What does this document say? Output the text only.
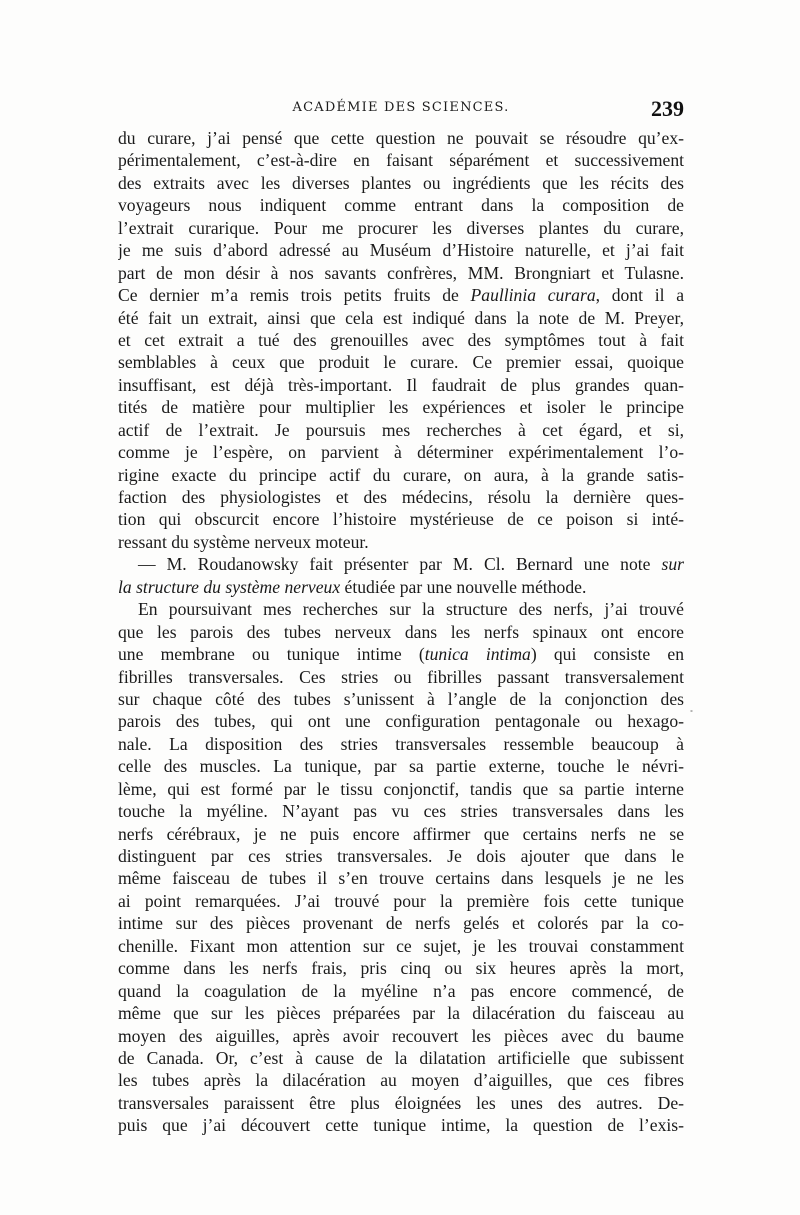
ACADÉMIE DES SCIENCES.	239
du curare, j’ai pensé que cette question ne pouvait se résoudre qu’ex-
périmentalement, c’est-à-dire en faisant séparément et successivement
des extraits avec les diverses plantes ou ingrédients que les récits des
voyageurs nous indiquent comme entrant dans la composition de
l’extrait curarique. Pour me procurer les diverses plantes du curare,
je me suis d’abord adressé au Muséum d’Histoire naturelle, et j’ai fait
part de mon désir à nos savants confrères, MM. Brongniart et Tulasne.
Ce dernier m’a remis trois petits fruits de Paullinia curara, dont il a
été fait un extrait, ainsi que cela est indiqué dans la note de M. Preyer,
et cet extrait a tué des grenouilles avec des symptômes tout à fait
semblables à ceux que produit le curare. Ce premier essai, quoique
insuffisant, est déjà très-important. Il faudrait de plus grandes quan-
tités de matière pour multiplier les expériences et isoler le principe
actif de l’extrait. Je poursuis mes recherches à cet égard, et si,
comme je l’espère, on parvient à déterminer expérimentalement l’o-
rigine exacte du principe actif du curare, on aura, à la grande satis-
faction des physiologistes et des médecins, résolu la dernière ques-
tion qui obscurcit encore l’histoire mystérieuse de ce poison si inté-
ressant du système nerveux moteur.
— M. Roudanowsky fait présenter par M. Cl. Bernard une note sur
la structure du système nerveux étudiée par une nouvelle méthode.
En poursuivant mes recherches sur la structure des nerfs, j’ai trouvé
que les parois des tubes nerveux dans les nerfs spinaux ont encore
une membrane ou tunique intime (tunica intima) qui consiste en
fibrilles transversales. Ces stries ou fibrilles passant transversalement
sur chaque côté des tubes s’unissent à l’angle de la conjonction des
parois des tubes, qui ont une configuration pentagonale ou hexago-
nale. La disposition des stries transversales ressemble beaucoup à
celle des muscles. La tunique, par sa partie externe, touche le névri-
lème, qui est formé par le tissu conjonctif, tandis que sa partie interne
touche la myéline. N’ayant pas vu ces stries transversales dans les
nerfs cérébraux, je ne puis encore affirmer que certains nerfs ne se
distinguent par ces stries transversales. Je dois ajouter que dans le
même faisceau de tubes il s’en trouve certains dans lesquels je ne les
ai point remarquées. J’ai trouvé pour la première fois cette tunique
intime sur des pièces provenant de nerfs gelés et colorés par la co-
chenille. Fixant mon attention sur ce sujet, je les trouvai constamment
comme dans les nerfs frais, pris cinq ou six heures après la mort,
quand la coagulation de la myéline n’a pas encore commencé, de
même que sur les pièces préparées par la dilacération du faisceau au
moyen des aiguilles, après avoir recouvert les pièces avec du baume
de Canada. Or, c’est à cause de la dilatation artificielle que subissent
les tubes après la dilacération au moyen d’aiguilles, que ces fibres
transversales paraissent être plus éloignées les unes des autres. De-
puis que j’ai découvert cette tunique intime, la question de l’exis-
˚
